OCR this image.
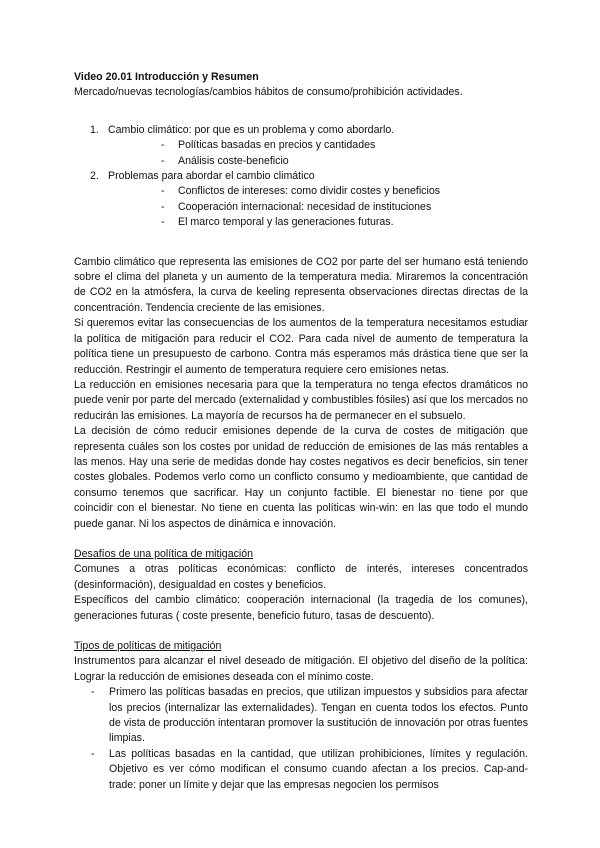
Video 20.01 Introducción y Resumen

Mercado/nuevas tecnologías/cambios hábitos de consumo/prohibición actividades.

1. Cambio climático: por que es un problema y como abordarlo.
- Políticas basadas en precios y cantidades
- Análisis coste-beneficio
2. Problemas para abordar el cambio climático
- Conflictos de intereses: como dividir costes y beneficios
- Cooperación internacional: necesidad de instituciones
- El marco temporal y las generaciones futuras.

Cambio climático que representa las emisiones de CO2 por parte del ser humano está teniendo sobre el clima del planeta y un aumento de la temperatura media. Miraremos la concentración de CO2 en la atmósfera, la curva de keeling representa observaciones directas directas de la concentración. Tendencia creciente de las emisiones.

Si queremos evitar las consecuencias de los aumentos de la temperatura necesitamos estudiar la política de mitigación para reducir el CO2. Para cada nivel de aumento de temperatura la política tiene un presupuesto de carbono. Contra más esperamos más drástica tiene que ser la reducción. Restringir el aumento de temperatura requiere cero emisiones netas.

La reducción en emisiones necesaria para que la temperatura no tenga efectos dramáticos no puede venir por parte del mercado (externalidad y combustibles fósiles) así que los mercados no reducirán las emisiones. La mayoría de recursos ha de permanecer en el subsuelo.

La decisión de cómo reducir emisiones depende de la curva de costes de mitigación que representa cuáles son los costes por unidad de reducción de emisiones de las más rentables a las menos. Hay una serie de medidas donde hay costes negativos es decir beneficios, sin tener costes globales. Podemos verlo como un conflicto consumo y medioambiente, que cantidad de consumo tenemos que sacrificar. Hay un conjunto factible. El bienestar no tiene por que coincidir con el bienestar. No tiene en cuenta las políticas win-win: en las que todo el mundo puede ganar. Ni los aspectos de dinámica e innovación.

Desafíos de una política de mitigación

Comunes a otras políticas económicas: conflicto de interés, intereses concentrados (desinformación), desigualdad en costes y beneficios.

Específicos del cambio climático: cooperación internacional (la tragedia de los comunes), generaciones futuras ( coste presente, beneficio futuro, tasas de descuento).

Tipos de políticas de mitigación

Instrumentos para alcanzar el nivel deseado de mitigación. El objetivo del diseño de la política: Lograr la reducción de emisiones deseada con el mínimo coste.

- Primero las políticas basadas en precios, que utilizan impuestos y subsidios para afectar los precios (internalizar las externalidades). Tengan en cuenta todos los efectos. Punto de vista de producción intentaran promover la sustitución de innovación por otras fuentes limpias.
- Las políticas basadas en la cantidad, que utilizan prohibiciones, límites y regulación. Objetivo es ver cómo modifican el consumo cuando afectan a los precios. Cap-and-trade: poner un límite y dejar que las empresas negocien los permisos
